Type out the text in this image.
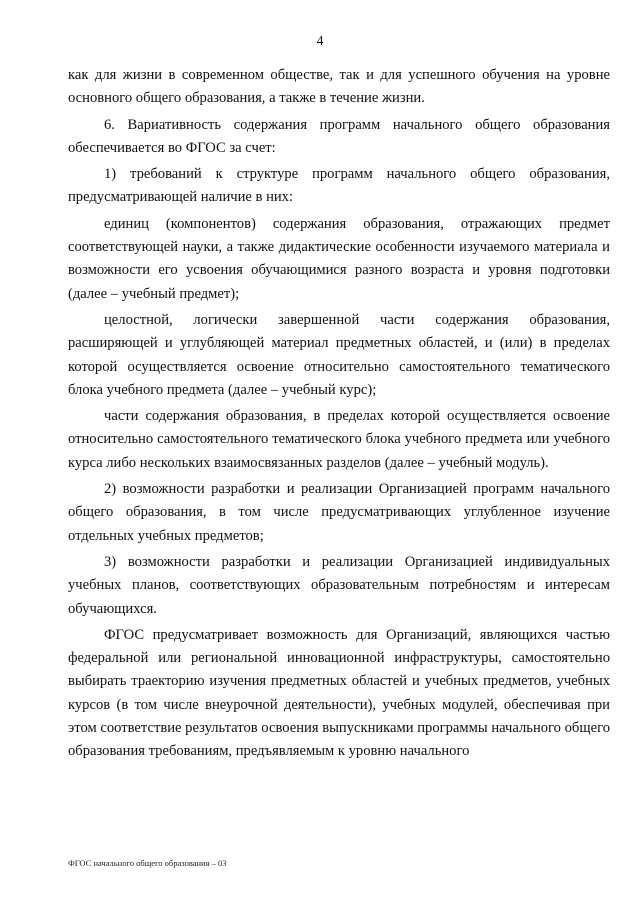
4

как для жизни в современном обществе, так и для успешного обучения на уровне основного общего образования, а также в течение жизни.

6. Вариативность содержания программ начального общего образования обеспечивается во ФГОС за счет:

1) требований к структуре программ начального общего образования, предусматривающей наличие в них:

единиц (компонентов) содержания образования, отражающих предмет соответствующей науки, а также дидактические особенности изучаемого материала и возможности его усвоения обучающимися разного возраста и уровня подготовки (далее – учебный предмет);

целостной, логически завершенной части содержания образования, расширяющей и углубляющей материал предметных областей, и (или) в пределах которой осуществляется освоение относительно самостоятельного тематического блока учебного предмета (далее – учебный курс);

части содержания образования, в пределах которой осуществляется освоение относительно самостоятельного тематического блока учебного предмета или учебного курса либо нескольких взаимосвязанных разделов (далее – учебный модуль).

2) возможности разработки и реализации Организацией программ начального общего образования, в том числе предусматривающих углубленное изучение отдельных учебных предметов;

3) возможности разработки и реализации Организацией индивидуальных учебных планов, соответствующих образовательным потребностям и интересам обучающихся.

ФГОС предусматривает возможность для Организаций, являющихся частью федеральной или региональной инновационной инфраструктуры, самостоятельно выбирать траекторию изучения предметных областей и учебных предметов, учебных курсов (в том числе внеурочной деятельности), учебных модулей, обеспечивая при этом соответствие результатов освоения выпускниками программы начального общего образования требованиям, предъявляемым к уровню начального

ФГОС начального общего образования – 03
